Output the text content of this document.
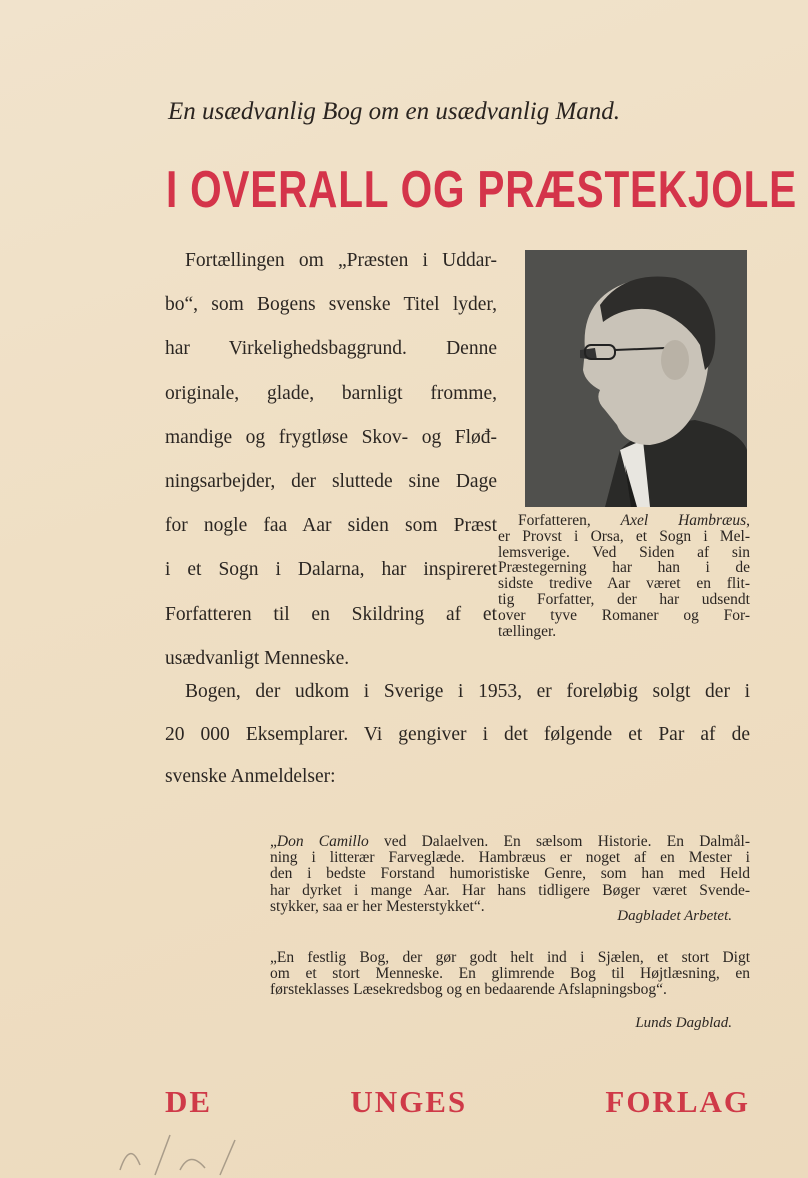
En usædvanlig Bog om en usædvanlig Mand.
I OVERALL OG PRÆSTEKJOLE
Fortællingen om „Præsten i Uddar-
bo“, som Bogens svenske Titel lyder,
har Virkelighedsbaggrund. Denne
originale, glade, barnligt fromme,
mandige og frygtløse Skov- og Fløđ-
ningsarbejder, der sluttede sine Dage
for nogle faa Aar siden som Præst
i et Sogn i Dalarna, har inspireret
Forfatteren til en Skildring af et
usædvanligt Menneske.
Forfatteren, Axel Hambræus,
er Provst i Orsa, et Sogn i Mel-
lemsverige. Ved Siden af sin
Præstegerning har han i de
sidste tredive Aar været en flit-
tig Forfatter, der har udsendt
over tyve Romaner og For-
tællinger.
Bogen, der udkom i Sverige i 1953, er foreløbig solgt der i
20 000 Eksemplarer. Vi gengiver i det følgende et Par af de
svenske Anmeldelser:
„Don Camillo ved Dalaelven. En sælsom Historie. En Dalmål-
ning i litterær Farveglæde. Hambræus er noget af en Mester i
den i bedste Forstand humoristiske Genre, som han med Held
har dyrket i mange Aar. Har hans tidligere Bøger været Svende-
stykker, saa er her Mesterstykket“.
Dagbladet Arbetet.
„En festlig Bog, der gør godt helt ind i Sjælen, et stort Digt
om et stort Menneske. En glimrende Bog til Højtlæsning, en
førsteklasses Læsekredsbog og en bedaarende Afslapningsbog“.
Lunds Dagblad.
DE UNGES FORLAG
